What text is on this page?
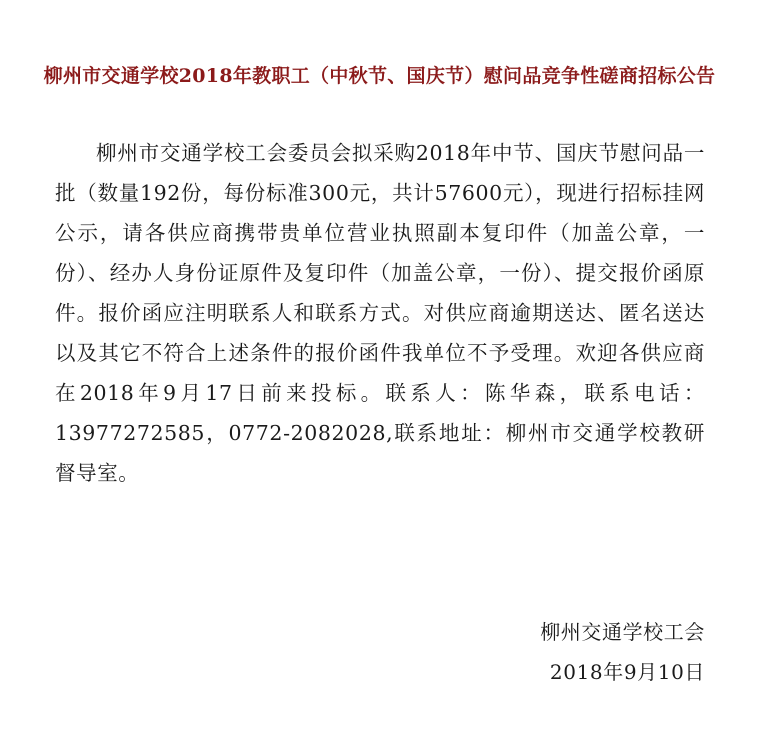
柳州市交通学校2018年教职工（中秋节、国庆节）慰问品竞争性磋商招标公告

柳州市交通学校工会委员会拟采购2018年中节、国庆节慰问品一批（数量192份，每份标准300元，共计57600元），现进行招标挂网公示，请各供应商携带贵单位营业执照副本复印件（加盖公章，一份）、经办人身份证原件及复印件（加盖公章，一份）、提交报价函原件。报价函应注明联系人和联系方式。对供应商逾期送达、匿名送达以及其它不符合上述条件的报价函件我单位不予受理。欢迎各供应商在2018年9月17日前来投标。联系人：陈华森，联系电话：13977272585，0772-2082028,联系地址：柳州市交通学校教研督导室。

柳州交通学校工会
2018年9月10日
